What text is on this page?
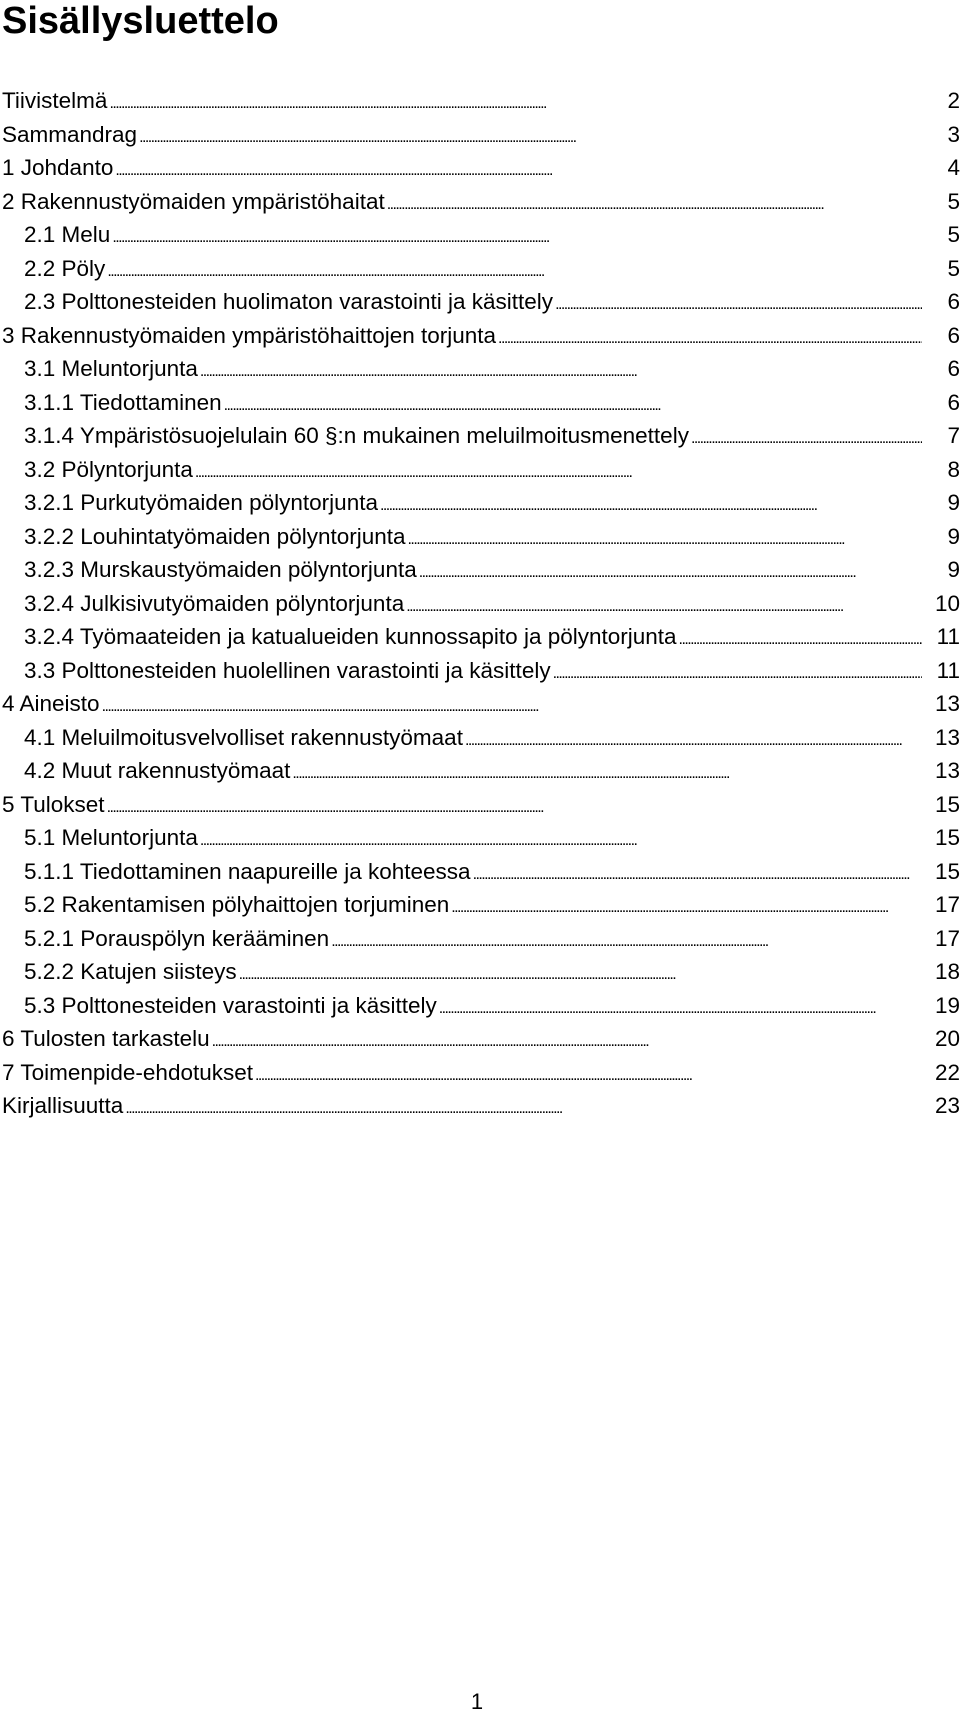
Sisällysluettelo
Tiivistelmä . . .	2
Sammandrag . . .	3
1 Johdanto . . .	4
2 Rakennustyömaiden ympäristöhaitat . . .	5
2.1 Melu . . .	5
2.2 Pöly . . .	5
2.3 Polttonesteiden huolimaton varastointi ja käsittely . . .	6
3 Rakennustyömaiden ympäristöhaittojen torjunta . . .	6
3.1 Meluntorjunta . . .	6
3.1.1 Tiedottaminen . . .	6
3.1.4 Ympäristösuojelulain 60 §:n mukainen meluilmoitusmenettely . . .	7
3.2 Pölyntorjunta . . .	8
3.2.1 Purkutyömaiden pölyntorjunta . . .	9
3.2.2 Louhintatyömaiden pölyntorjunta . . .	9
3.2.3 Murskaustyömaiden pölyntorjunta . . .	9
3.2.4 Julkisivutyömaiden pölyntorjunta . . .	10
3.2.4 Työmaateiden ja katualueiden kunnossapito ja pölyntorjunta . . .	11
3.3 Polttonesteiden huolellinen varastointi ja käsittely . . .	11
4 Aineisto . . .	13
4.1 Meluilmoitusvelvolliset rakennustyömaat . . .	13
4.2 Muut rakennustyömaat . . .	13
5 Tulokset . . .	15
5.1 Meluntorjunta . . .	15
5.1.1 Tiedottaminen naapureille ja kohteessa . . .	15
5.2 Rakentamisen pölyhaittojen torjuminen . . .	17
5.2.1 Porauspölyn kerääminen . . .	17
5.2.2 Katujen siisteys . . .	18
5.3 Polttonesteiden varastointi ja käsittely . . .	19
6 Tulosten tarkastelu . . .	20
7 Toimenpide-ehdotukset . . .	22
Kirjallisuutta . . .	23
1
